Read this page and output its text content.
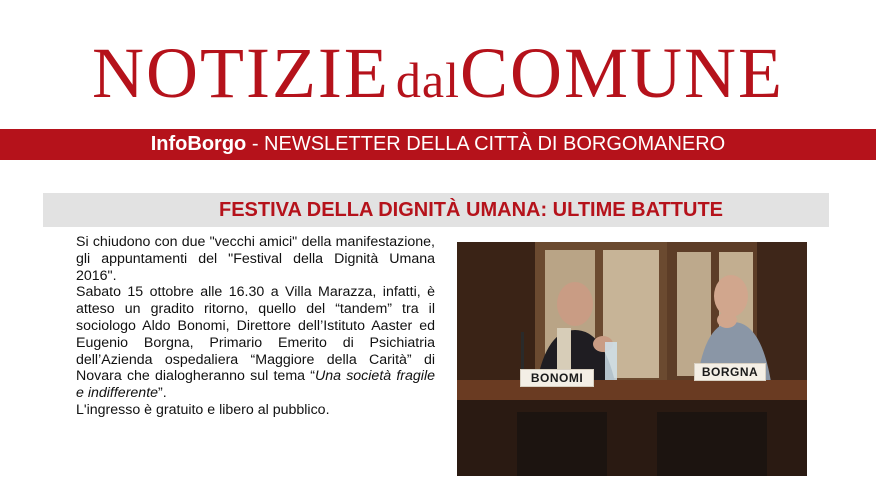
NOTIZIE dalCOMUNE
InfoBorgo - NEWSLETTER DELLA CITTÀ DI BORGOMANERO
FESTIVA DELLA DIGNITÀ UMANA: ULTIME BATTUTE

Si chiudono con due "vecchi amici" della manifestazione, gli appuntamenti del "Festival della Dignità Umana 2016".

Sabato 15 ottobre alle 16.30 a Villa Marazza, infatti, è atteso un gradito ritorno, quello del “tandem” tra il sociologo Aldo Bonomi, Direttore dell’Istituto Aaster ed Eugenio Borgna, Primario Emerito di Psichiatria dell’Azienda ospedaliera “Maggiore della Carità” di Novara che dialogheranno sul tema “Una società fragile e indifferente”.

L'ingresso è gratuito e libero al pubblico.

BONOMI	BORGNA
